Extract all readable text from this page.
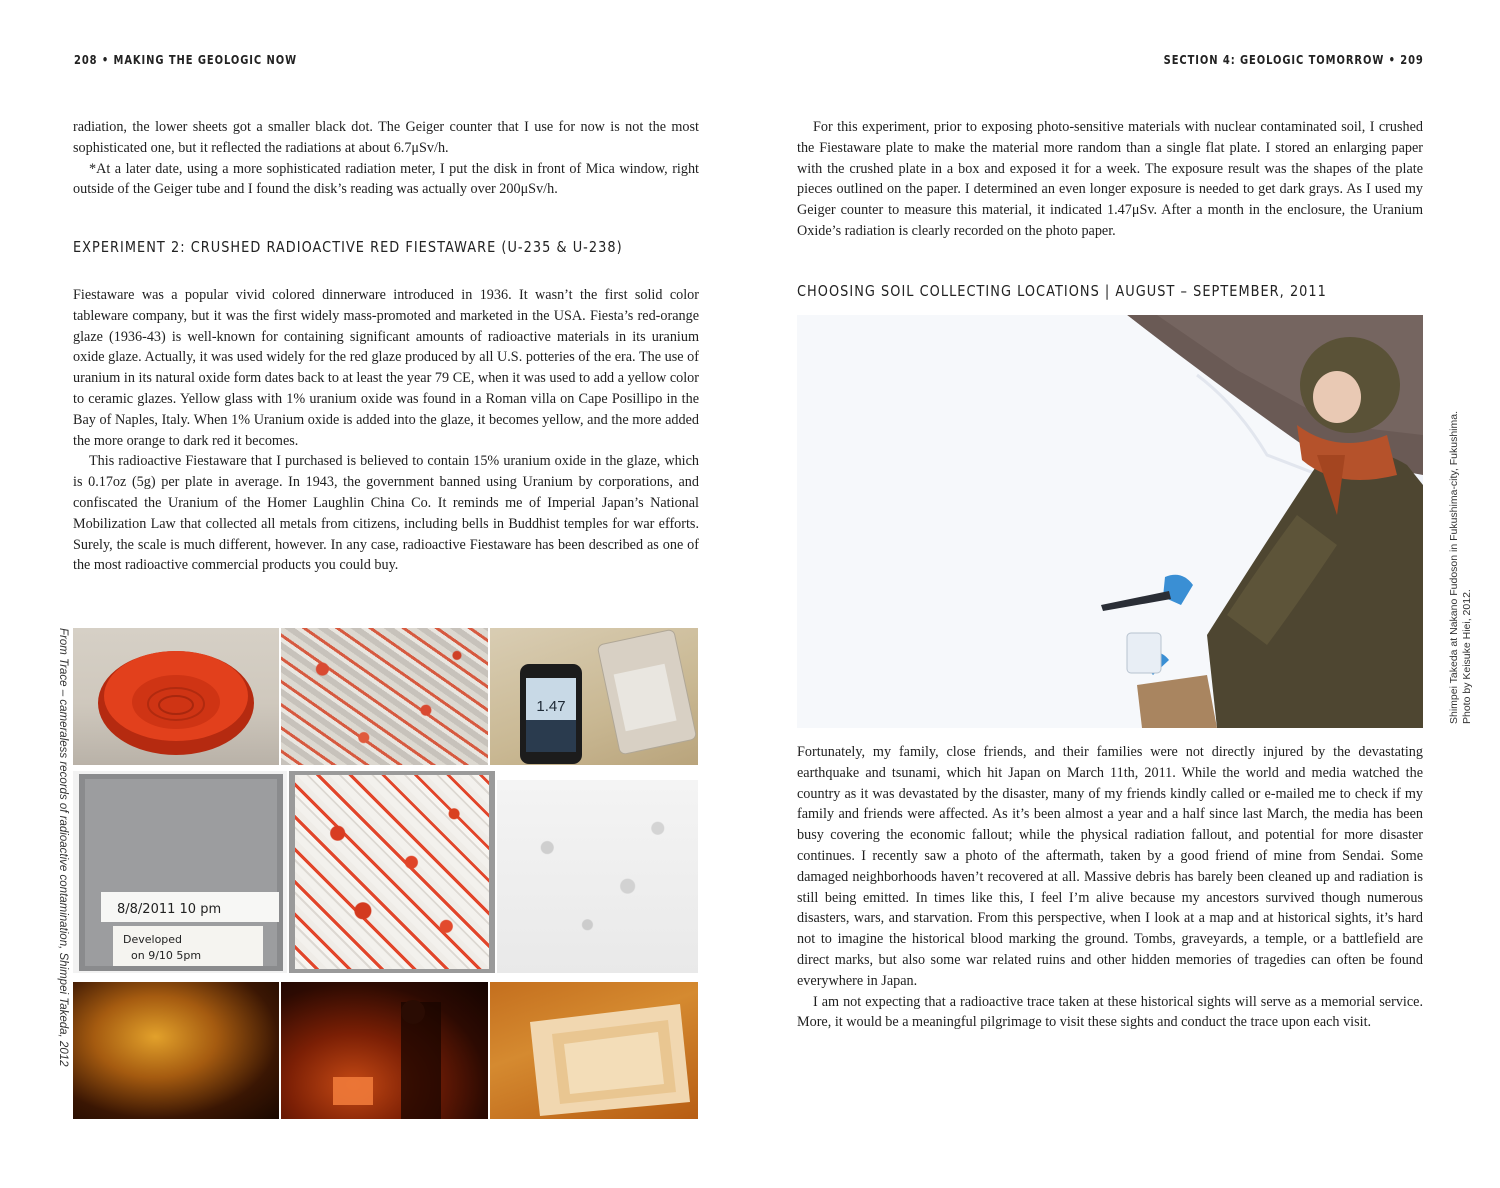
208 • MAKING THE GEOLOGIC NOW	SECTION 4: GEOLOGIC TOMORROW • 209

radiation, the lower sheets got a smaller black dot. The Geiger counter that I use for now is not the most sophisticated one, but it reflected the radiations at about 6.7μSv/h.

*At a later date, using a more sophisticated radiation meter, I put the disk in front of Mica window, right outside of the Geiger tube and I found the disk’s reading was actually over 200μSv/h.

EXPERIMENT 2: CRUSHED RADIOACTIVE RED FIESTAWARE (U-235 & U-238)

Fiestaware was a popular vivid colored dinnerware introduced in 1936. It wasn’t the first solid color tableware company, but it was the first widely mass-promoted and marketed in the USA. Fiesta’s red-orange glaze (1936-43) is well-known for containing significant amounts of radioactive materials in its uranium oxide glaze. Actually, it was used widely for the red glaze produced by all U.S. potteries of the era. The use of uranium in its natural oxide form dates back to at least the year 79 CE, when it was used to add a yellow color to ceramic glazes. Yellow glass with 1% uranium oxide was found in a Roman villa on Cape Posillipo in the Bay of Naples, Italy. When 1% Uranium oxide is added into the glaze, it becomes yellow, and the more added the more orange to dark red it becomes.

This radioactive Fiestaware that I purchased is believed to contain 15% uranium oxide in the glaze, which is 0.17oz (5g) per plate in average. In 1943, the government banned using Uranium by corporations, and confiscated the Uranium of the Homer Laughlin China Co. It reminds me of Imperial Japan’s National Mobilization Law that collected all metals from citizens, including bells in Buddhist temples for war efforts. Surely, the scale is much different, however. In any case, radioactive Fiestaware has been described as one of the most radioactive commercial products you could buy.

From Trace – cameraless records of radioactive contamination, Shimpei Takeda, 2012
1.47
8/8/2011 10 pm
Developed
on 9/10 5pm

For this experiment, prior to exposing photo-sensitive materials with nuclear contaminated soil, I crushed the Fiestaware plate to make the material more random than a single flat plate. I stored an enlarging paper with the crushed plate in a box and exposed it for a week. The exposure result was the shapes of the plate pieces outlined on the paper. I determined an even longer exposure is needed to get dark grays. As I used my Geiger counter to measure this material, it indicated 1.47μSv. After a month in the enclosure, the Uranium Oxide’s radiation is clearly recorded on the photo paper.

CHOOSING SOIL COLLECTING LOCATIONS | AUGUST – SEPTEMBER, 2011
Shimpei Takeda at Nakano Fudoson in Fukushima-city, Fukushima. Photo by Keisuke Hiei, 2012.

Fortunately, my family, close friends, and their families were not directly injured by the devastating earthquake and tsunami, which hit Japan on March 11th, 2011. While the world and media watched the country as it was devastated by the disaster, many of my friends kindly called or e-mailed me to check if my family and friends were affected. As it’s been almost a year and a half since last March, the media has been busy covering the economic fallout; while the physical radiation fallout, and potential for more disaster continues. I recently saw a photo of the aftermath, taken by a good friend of mine from Sendai. Some damaged neighborhoods haven’t recovered at all. Massive debris has barely been cleaned up and radiation is still being emitted. In times like this, I feel I’m alive because my ancestors survived though numerous disasters, wars, and starvation. From this perspective, when I look at a map and at historical sights, it’s hard not to imagine the historical blood marking the ground. Tombs, graveyards, a temple, or a battlefield are direct marks, but also some war related ruins and other hidden memories of tragedies can often be found everywhere in Japan.

I am not expecting that a radioactive trace taken at these historical sights will serve as a memorial service. More, it would be a meaningful pilgrimage to visit these sights and conduct the trace upon each visit.
